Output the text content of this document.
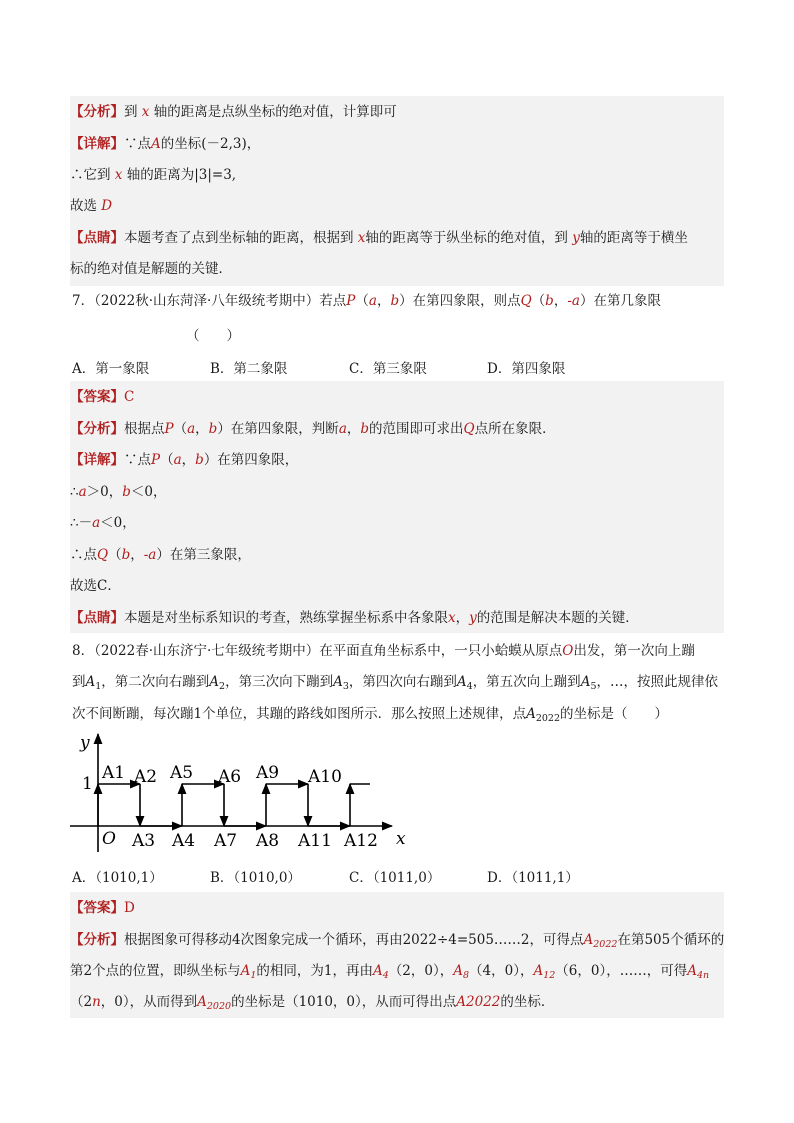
【分析】到 x 轴的距离是点纵坐标的绝对值，计算即可
【详解】∵点A的坐标(－2,3)，
∴它到 x 轴的距离为|3|=3,
故选 D
【点睛】本题考查了点到坐标轴的距离，根据到 x轴的距离等于纵坐标的绝对值，到 y轴的距离等于横坐
标的绝对值是解题的关键．
7．（2022秋·山东菏泽·八年级统考期中）若点P（a，b）在第四象限，则点Q（b，-a）在第几象限
（　　）
A．第一象限	B．第二象限	C．第三象限	D．第四象限
【答案】C
【分析】根据点P（a，b）在第四象限，判断a，b的范围即可求出Q点所在象限．
【详解】∵点P（a，b）在第四象限，
∴a＞0，b＜0，
∴－a＜0，
∴点Q（b，-a）在第三象限，
故选C．
【点睛】本题是对坐标系知识的考查，熟练掌握坐标系中各象限x，y的范围是解决本题的关键．
8．（2022春·山东济宁·七年级统考期中）在平面直角坐标系中，一只小蛤蟆从原点O出发，第一次向上蹦
到$A_1$，第二次向右蹦到$A_2$，第三次向下蹦到$A_3$，第四次向右蹦到$A_4$，第五次向上蹦到$A_5$，…，按照此规律依
次不间断蹦，每次蹦1个单位，其蹦的路线如图所示．那么按照上述规律，点$A_{2022}$的坐标是（　　）
y
x
O
1
A1 A2 A5 A6 A9 A10
A3 A4 A7 A8 A11 A12
A．（1010,1）	B．（1010,0）	C．（1011,0）	D．（1011,1）
【答案】D
【分析】根据图象可得移动4次图象完成一个循环，再由2022÷4=505……2，可得点$A_{2022}$在第505个循环的
第2个点的位置，即纵坐标与$A_1$的相同，为1，再由$A_4(2$，0），$A_8(4$，0），$A_{12}(6$，0），……，可得$A_{4n}$
（2n，0），从而得到$A_{2020}$的坐标是（1010，0），从而可得出点A2022的坐标．
